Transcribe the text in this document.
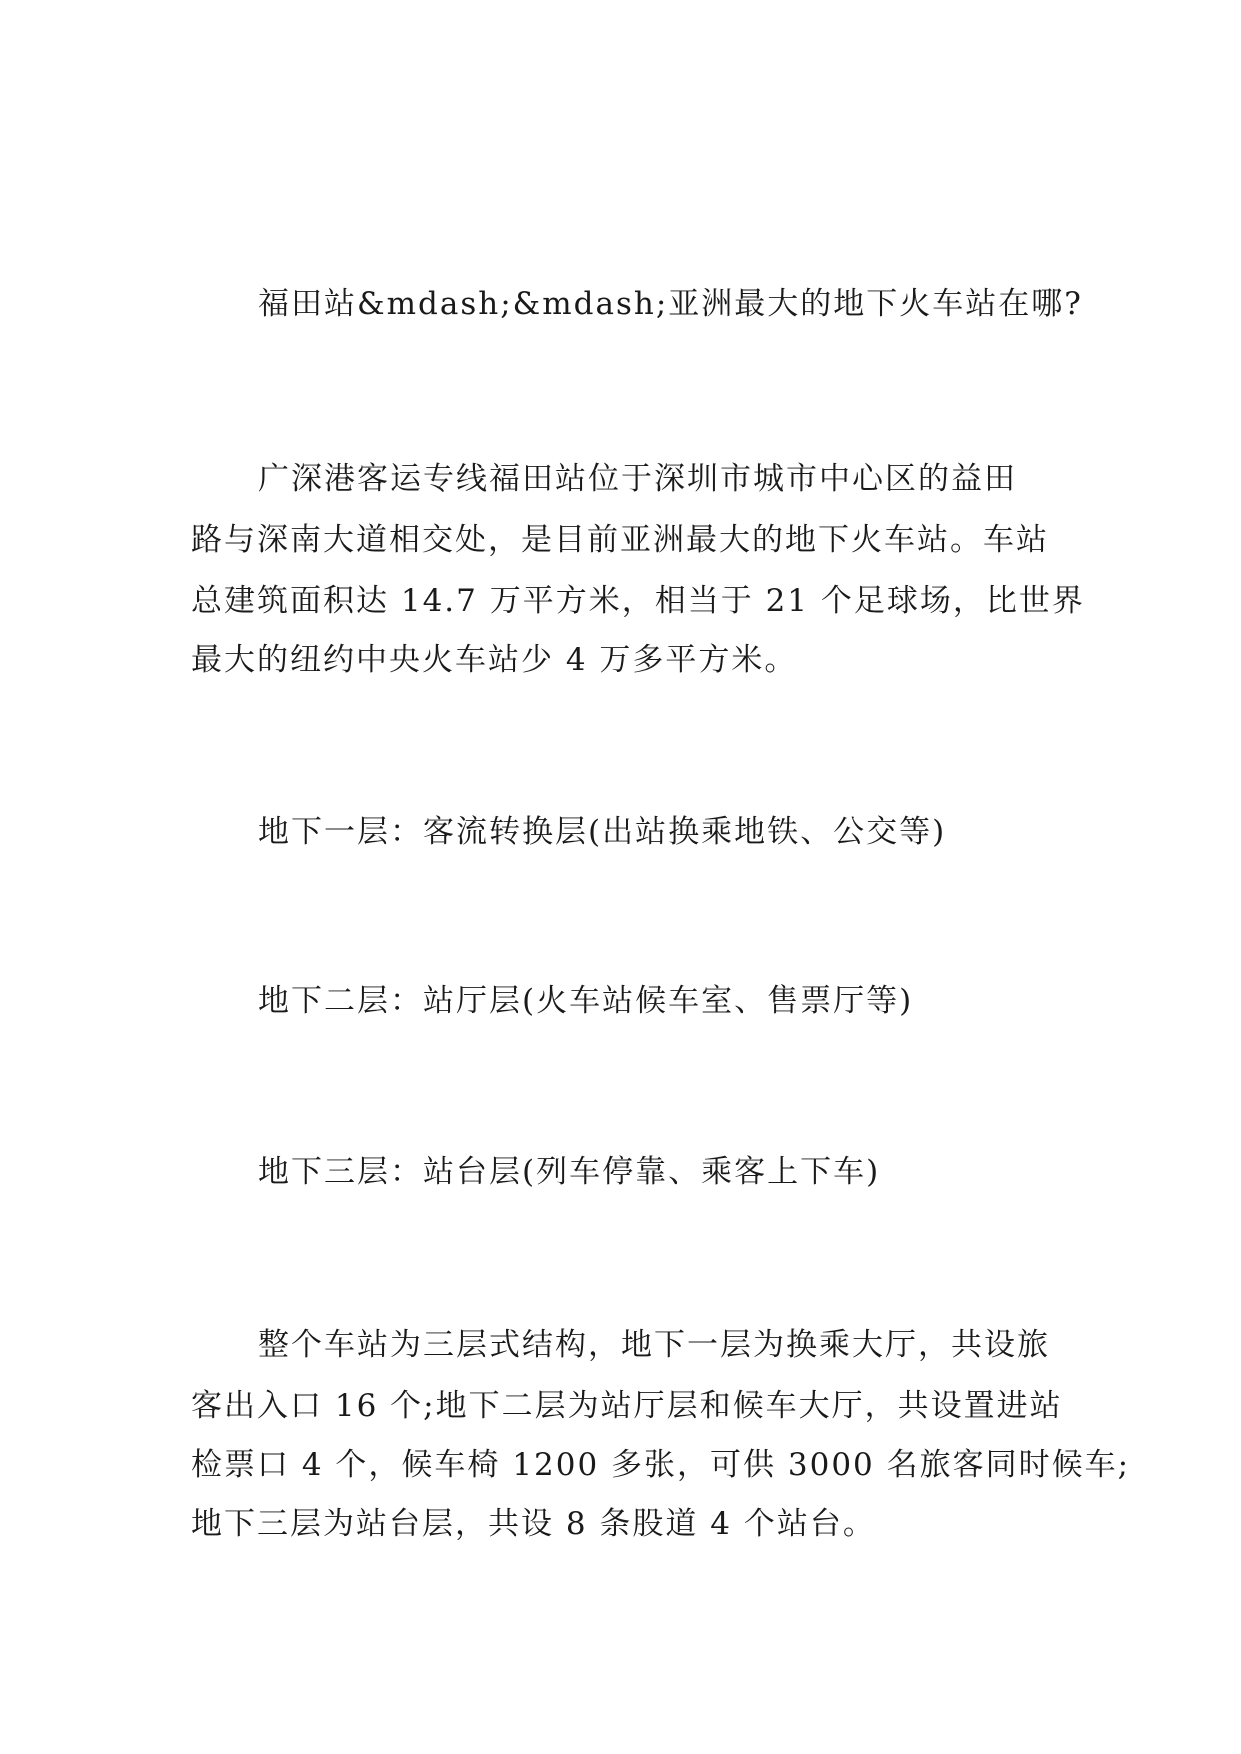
福田站&mdash;&mdash;亚洲最大的地下火车站在哪?
广深港客运专线福田站位于深圳市城市中心区的益田
路与深南大道相交处，是目前亚洲最大的地下火车站。车站
总建筑面积达 14.7 万平方米，相当于 21 个足球场，比世界
最大的纽约中央火车站少 4 万多平方米。
地下一层：客流转换层(出站换乘地铁、公交等)
地下二层：站厅层(火车站候车室、售票厅等)
地下三层：站台层(列车停靠、乘客上下车)
整个车站为三层式结构，地下一层为换乘大厅，共设旅
客出入口 16 个;地下二层为站厅层和候车大厅，共设置进站
检票口 4 个，候车椅 1200 多张，可供 3000 名旅客同时候车;
地下三层为站台层，共设 8 条股道 4 个站台。
